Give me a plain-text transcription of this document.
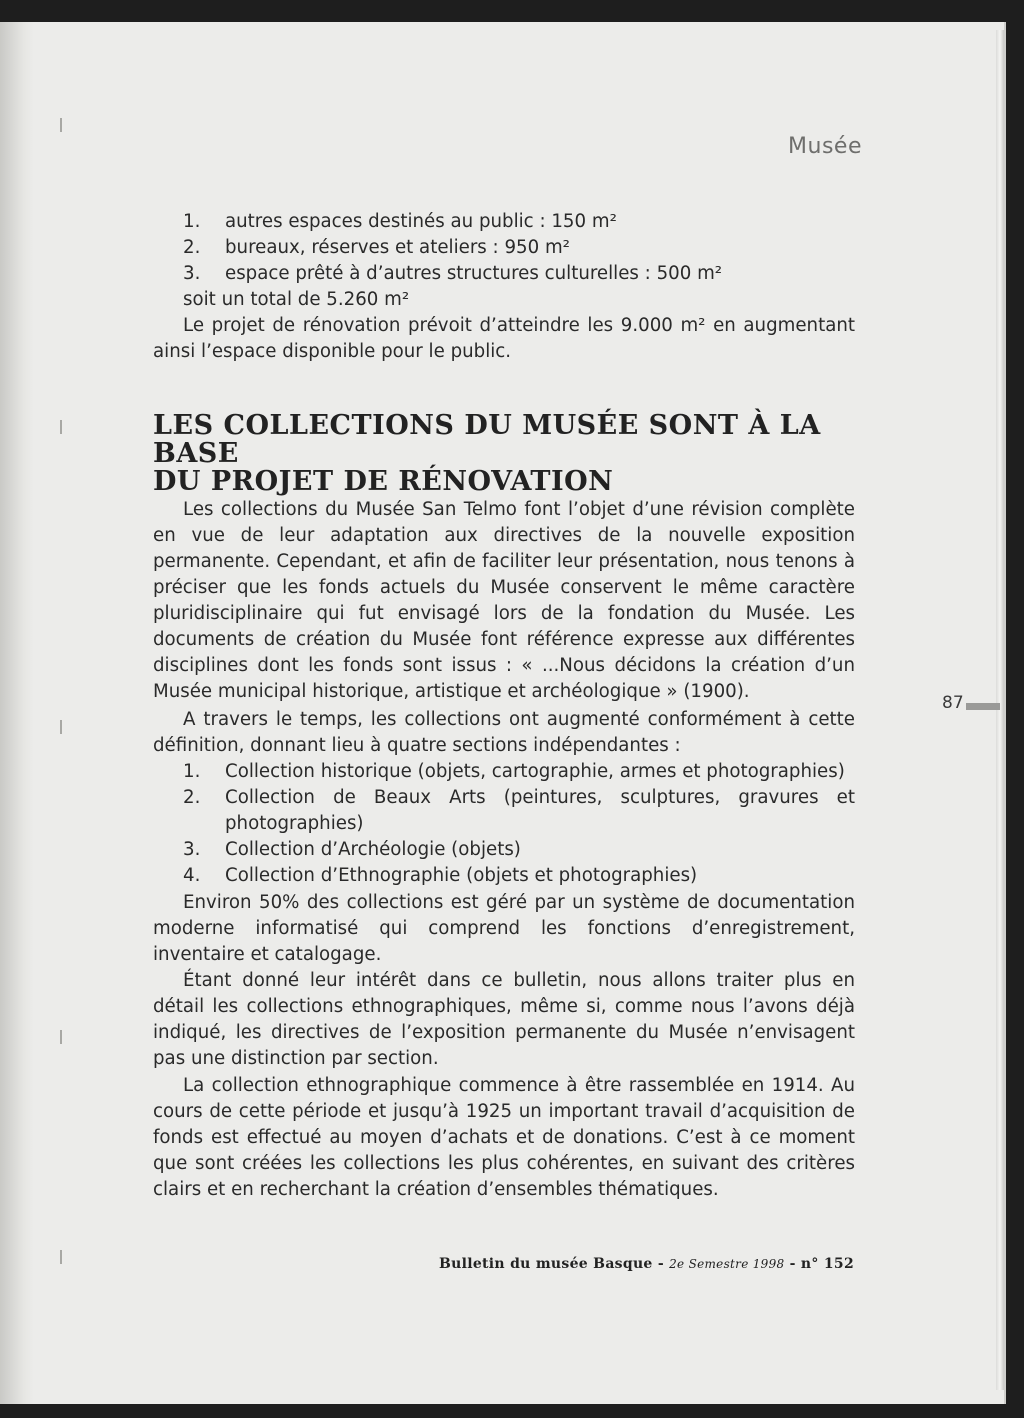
Musée
1. autres espaces destinés au public : 150 m²
2. bureaux, réserves et ateliers : 950 m²
3. espace prêté à d’autres structures culturelles : 500 m²

soit un total de 5.260 m²

Le projet de rénovation prévoit d’atteindre les 9.000 m² en augmentant ainsi l’espace disponible pour le public.

LES COLLECTIONS DU MUSÉE SONT À LA BASE
DU PROJET DE RÉNOVATION

Les collections du Musée San Telmo font l’objet d’une révision complète en vue de leur adaptation aux directives de la nouvelle exposition permanente. Cependant, et afin de faciliter leur présentation, nous tenons à préciser que les fonds actuels du Musée conservent le même caractère pluridisciplinaire qui fut envisagé lors de la fondation du Musée. Les documents de création du Musée font référence expresse aux différentes disciplines dont les fonds sont issus : « ...Nous décidons la création d’un Musée municipal historique, artistique et archéologique » (1900).

A travers le temps, les collections ont augmenté conformément à cette définition, donnant lieu à quatre sections indépendantes :

1. Collection historique (objets, cartographie, armes et photographies)
2. Collection de Beaux Arts (peintures, sculptures, gravures et photographies)
3. Collection d’Archéologie (objets)
4. Collection d’Ethnographie (objets et photographies)

Environ 50% des collections est géré par un système de documentation moderne informatisé qui comprend les fonctions d’enregistrement, inventaire et catalogage.

Étant donné leur intérêt dans ce bulletin, nous allons traiter plus en détail les collections ethnographiques, même si, comme nous l’avons déjà indiqué, les directives de l’exposition permanente du Musée n’envisagent pas une distinction par section.

La collection ethnographique commence à être rassemblée en 1914. Au cours de cette période et jusqu’à 1925 un important travail d’acquisition de fonds est effectué au moyen d’achats et de donations. C’est à ce moment que sont créées les collections les plus cohérentes, en suivant des critères clairs et en recherchant la création d’ensembles thématiques.

87
Bulletin du musée Basque - 2e Semestre 1998 - n° 152
